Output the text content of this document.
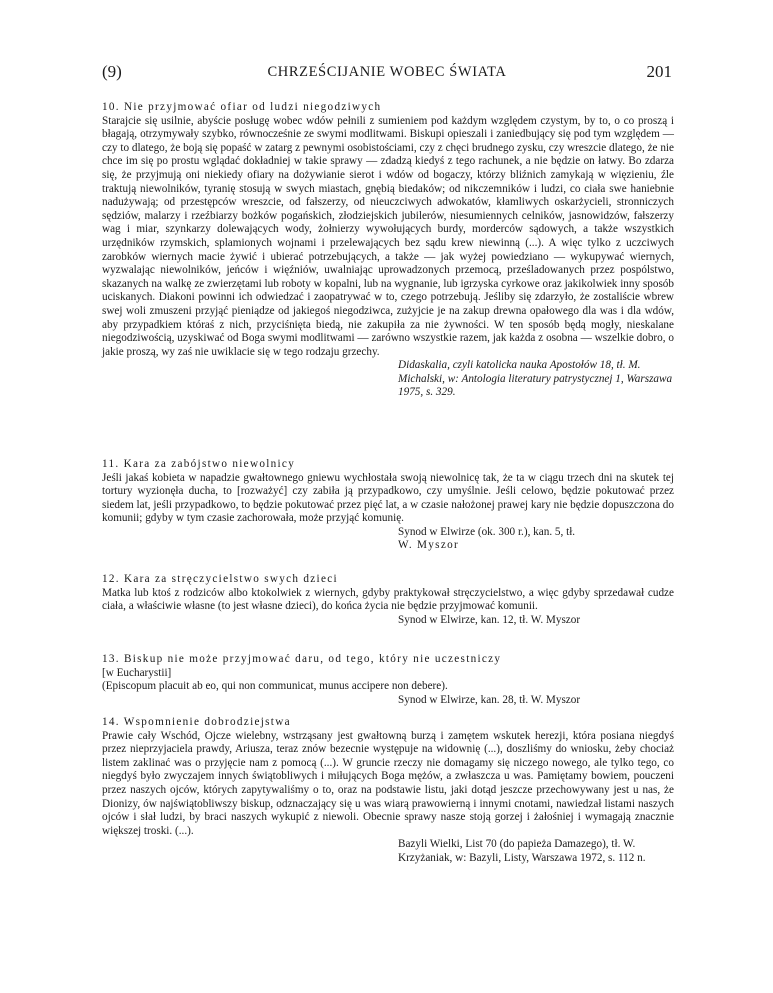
(9)	CHRZEŚCIJANIE WOBEC ŚWIATA	201
10. Nie przyjmować ofiar od ludzi niegodziwych

Starajcie się usilnie, abyście posługę wobec wdów pełnili z sumieniem pod każdym względem czystym, by to, o co proszą i błagają, otrzymywały szybko, równocześnie ze swymi modlitwami. Biskupi opieszali i zaniedbujący się pod tym względem — czy to dlatego, że boją się popaść w zatarg z pewnymi osobistościami, czy z chęci brudnego zysku, czy wreszcie dlatego, że nie chce im się po prostu wglądać dokładniej w takie sprawy — zdadzą kiedyś z tego rachunek, a nie będzie on łatwy. Bo zdarza się, że przyjmują oni niekiedy ofiary na dożywianie sierot i wdów od bogaczy, którzy bliźnich zamykają w więzieniu, źle traktują niewolników, tyranię stosują w swych miastach, gnębią biedaków; od nikczemników i ludzi, co ciała swe haniebnie nadużywają; od przestępców wreszcie, od fałszerzy, od nieuczciwych adwokatów, kłamliwych oskarżycieli, stronniczych sędziów, malarzy i rzeźbiarzy bożków pogańskich, złodziejskich jubilerów, niesumiennych celników, jasnowidzów, fałszerzy wag i miar, szynkarzy dolewających wody, żołnierzy wywołujących burdy, morderców sądowych, a także wszystkich urzędników rzymskich, splamionych wojnami i przelewających bez sądu krew niewinną (...). A więc tylko z uczciwych zarobków wiernych macie żywić i ubierać potrzebujących, a także — jak wyżej powiedziano — wykupywać wiernych, wyzwalając niewolników, jeńców i więźniów, uwalniając uprowadzonych przemocą, prześladowanych przez pospólstwo, skazanych na walkę ze zwierzętami lub roboty w kopalni, lub na wygnanie, lub igrzyska cyrkowe oraz jakikolwiek inny sposób uciskanych. Diakoni powinni ich odwiedzać i zaopatrywać w to, czego potrzebują. Jeśliby się zdarzyło, że zostaliście wbrew swej woli zmuszeni przyjąć pieniądze od jakiegoś niegodziwca, zużyjcie je na zakup drewna opałowego dla was i dla wdów, aby przypadkiem któraś z nich, przyciśnięta biedą, nie zakupiła za nie żywności. W ten sposób będą mogły, nieskalane niegodziwością, uzyskiwać od Boga swymi modlitwami — zarówno wszystkie razem, jak każda z osobna — wszelkie dobro, o jakie proszą, wy zaś nie uwiklacie się w tego rodzaju grzechy.

Didaskalia, czyli katolicka nauka Apostołów 18, tł. M. Michalski, w: Antologia literatury patrystycznej 1, Warszawa 1975, s. 329.
11. Kara za zabójstwo niewolnicy

Jeśli jakaś kobieta w napadzie gwałtownego gniewu wychłostała swoją niewolnicę tak, że ta w ciągu trzech dni na skutek tej tortury wyzionęła ducha, to [rozważyć] czy zabiła ją przypadkowo, czy umyślnie. Jeśli celowo, będzie pokutować przez siedem lat, jeśli przypadkowo, to będzie pokutować przez pięć lat, a w czasie nałożonej prawej kary nie będzie dopuszczona do komunii; gdyby w tym czasie zachorowała, może przyjąć komunię.

Synod w Elwirze (ok. 300 r.), kan. 5, tł.
W. Myszor
12. Kara za stręczycielstwo swych dzieci

Matka lub ktoś z rodziców albo ktokolwiek z wiernych, gdyby praktykował stręczycielstwo, a więc gdyby sprzedawał cudze ciała, a właściwie własne (to jest własne dzieci), do końca życia nie będzie przyjmować komunii.

Synod w Elwirze, kan. 12, tł. W. Myszor
13. Biskup nie może przyjmować daru, od tego, który nie uczestniczy
[w Eucharystii]
(Episcopum placuit ab eo, qui non communicat, munus accipere non debere).
Synod w Elwirze, kan. 28, tł. W. Myszor
14. Wspomnienie dobrodziejstwa

Prawie cały Wschód, Ojcze wielebny, wstrząsany jest gwałtowną burzą i zamętem wskutek herezji, która posiana niegdyś przez nieprzyjaciela prawdy, Ariusza, teraz znów bezecnie występuje na widownię (...), doszliśmy do wniosku, żeby chociaż listem zaklinać was o przyjęcie nam z pomocą (...). W gruncie rzeczy nie domagamy się niczego nowego, ale tylko tego, co niegdyś było zwyczajem innych świątobliwych i miłujących Boga mężów, a zwłaszcza u was. Pamiętamy bowiem, pouczeni przez naszych ojców, których zapytywaliśmy o to, oraz na podstawie listu, jaki dotąd jeszcze przechowywany jest u nas, że Dionizy, ów najświątobliwszy biskup, odznaczający się u was wiarą prawowierną i innymi cnotami, nawiedzał listami naszych ojców i słał ludzi, by braci naszych wykupić z niewoli. Obecnie sprawy nasze stoją gorzej i żałośniej i wymagają znacznie większej troski. (...).

Bazyli Wielki, List 70 (do papieża Damazego), tł. W. Krzyżaniak, w: Bazyli, Listy, Warszawa 1972, s. 112 n.
